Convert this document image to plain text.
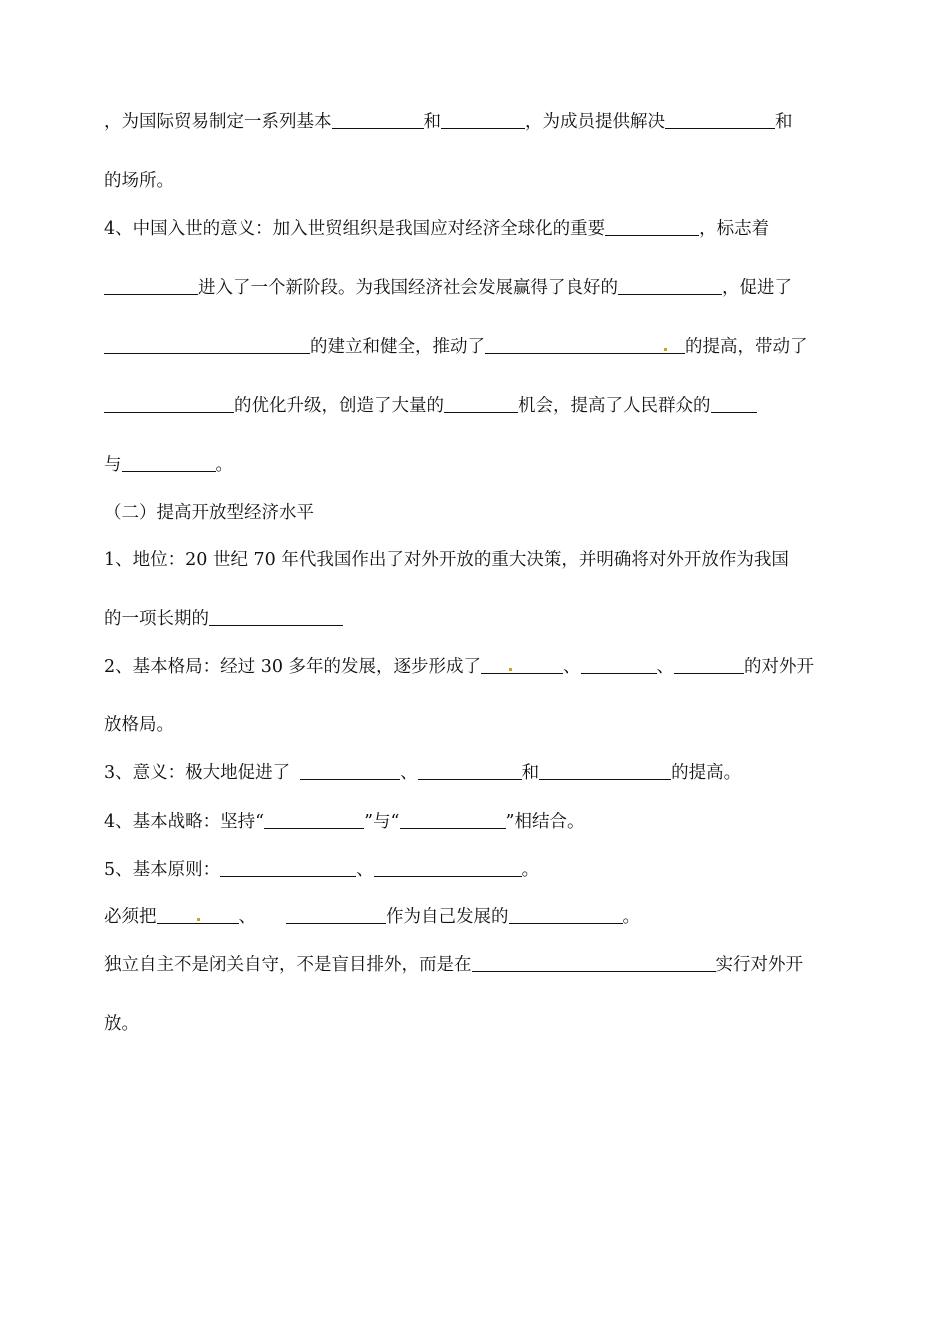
，为国际贸易制定一系列基本	和	，为成员提供解决	和
的场所。
4、中国入世的意义：加入世贸组织是我国应对经济全球化的重要	，标志着
进入了一个新阶段。为我国经济社会发展赢得了良好的	，促进了
的建立和健全，推动了	的提高，带动了
的优化升级，创造了大量的	机会，提高了人民群众的
与	。
（二）提高开放型经济水平
1、地位：20 世纪 70 年代我国作出了对外开放的重大决策，并明确将对外开放作为我国
的一项长期的
2、基本格局：经过 30 多年的发展，逐步形成了	、	、	的对外开
放格局。
3、意义：极大地促进了	、	和	的提高。
4、基本战略：坚持“	”与“	”相结合。
5、基本原则：	、	。
必须把	、	作为自己发展的	。
独立自主不是闭关自守，不是盲目排外，而是在	实行对外开
放。
